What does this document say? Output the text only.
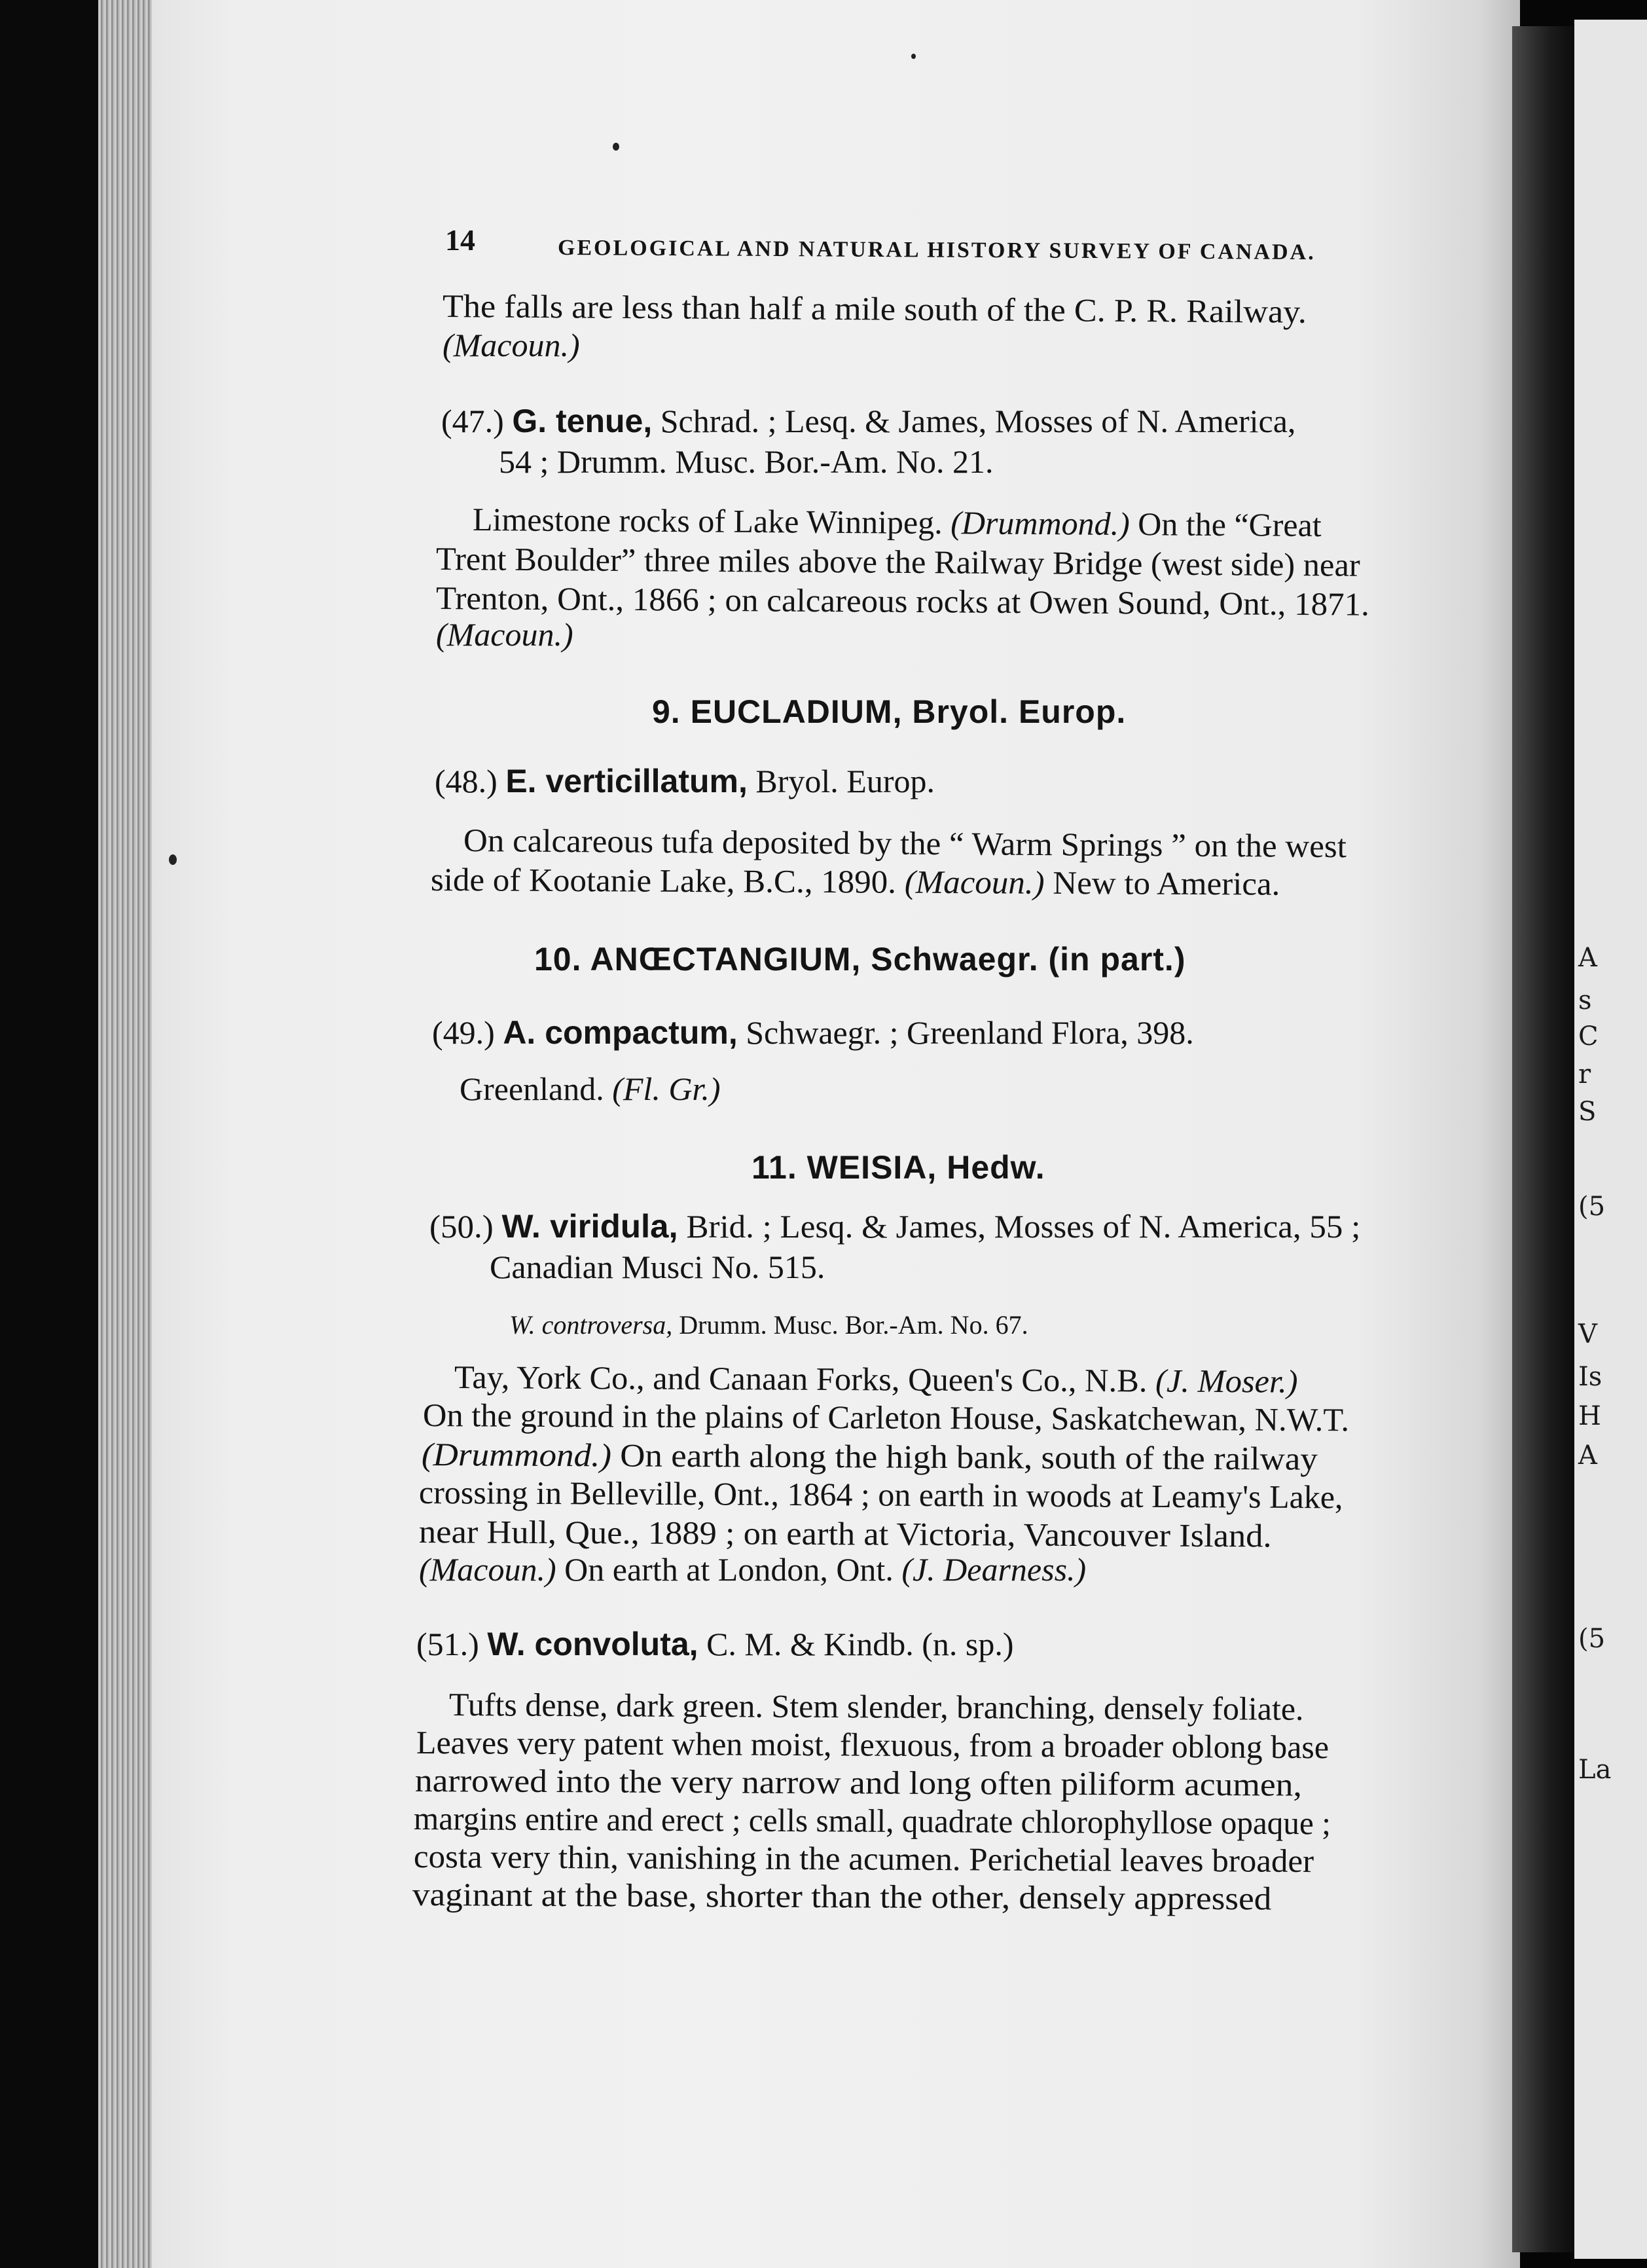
A
s
C
r
S
(5
V
Is
H
A
(5
La
14	GEOLOGICAL AND NATURAL HISTORY SURVEY OF CANADA.
The falls are less than half a mile south of the C. P. R. Railway.
(Macoun.)
(47.) G. tenue, Schrad. ; Lesq. & James, Mosses of N. America,
54 ; Drumm. Musc. Bor.-Am. No. 21.
Limestone rocks of Lake Winnipeg. (Drummond.) On the “Great
Trent Boulder” three miles above the Railway Bridge (west side) near
Trenton, Ont., 1866 ; on calcareous rocks at Owen Sound, Ont., 1871.
(Macoun.)
9. EUCLADIUM, Bryol. Europ.
(48.) E. verticillatum, Bryol. Europ.
On calcareous tufa deposited by the “ Warm Springs ” on the west
side of Kootanie Lake, B.C., 1890. (Macoun.) New to America.
10. ANŒCTANGIUM, Schwaegr. (in part.)
(49.) A. compactum, Schwaegr. ; Greenland Flora, 398.
Greenland. (Fl. Gr.)
11. WEISIA, Hedw.
(50.) W. viridula, Brid. ; Lesq. & James, Mosses of N. America, 55 ;
Canadian Musci No. 515.
W. controversa, Drumm. Musc. Bor.-Am. No. 67.
Tay, York Co., and Canaan Forks, Queen's Co., N.B. (J. Moser.)
On the ground in the plains of Carleton House, Saskatchewan, N.W.T.
(Drummond.) On earth along the high bank, south of the railway
crossing in Belleville, Ont., 1864 ; on earth in woods at Leamy's Lake,
near Hull, Que., 1889 ; on earth at Victoria, Vancouver Island.
(Macoun.) On earth at London, Ont. (J. Dearness.)
(51.) W. convoluta, C. M. & Kindb. (n. sp.)
Tufts dense, dark green. Stem slender, branching, densely foliate.
Leaves very patent when moist, flexuous, from a broader oblong base
narrowed into the very narrow and long often piliform acumen,
margins entire and erect ; cells small, quadrate chlorophyllose opaque ;
costa very thin, vanishing in the acumen. Perichetial leaves broader
vaginant at the base, shorter than the other, densely appressed
